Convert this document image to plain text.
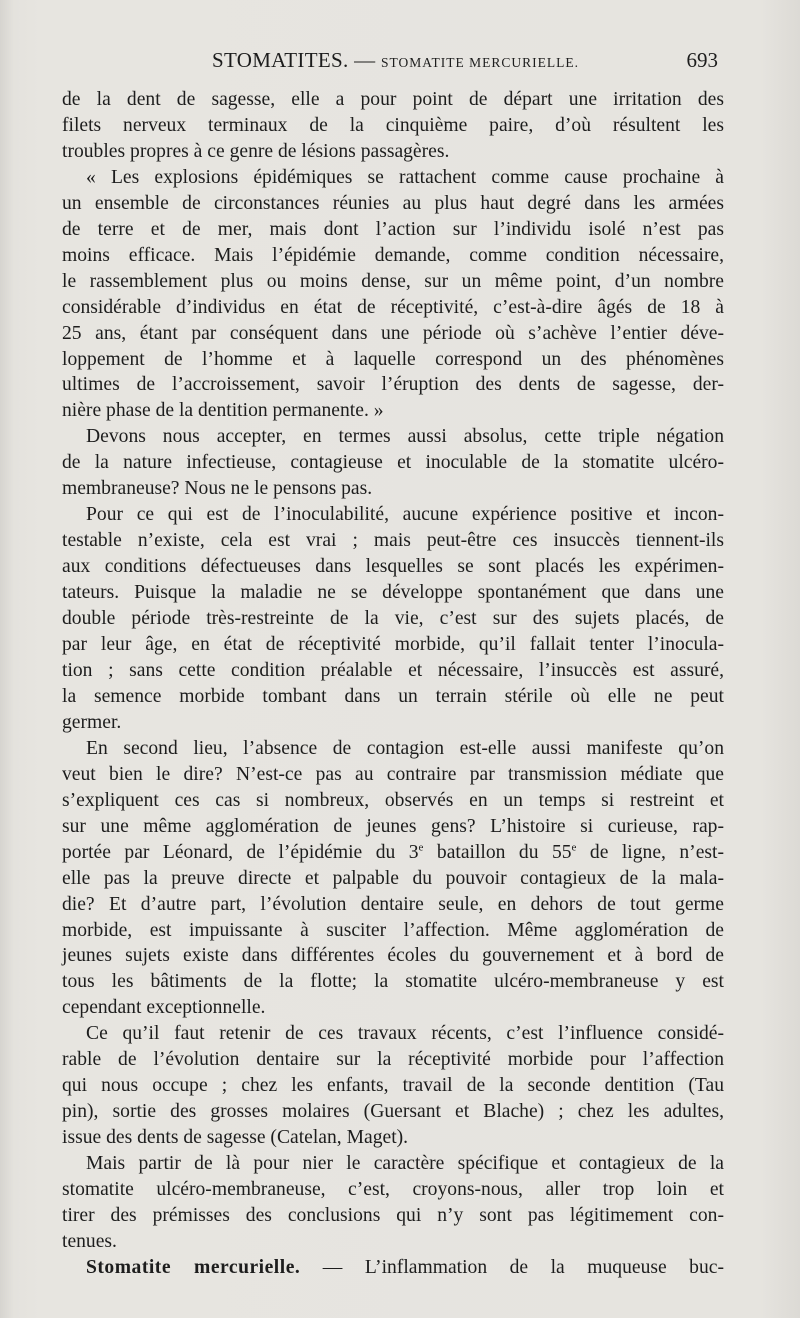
STOMATITES. — STOMATITE MERCURIELLE.	693

de la dent de sagesse, elle a pour point de départ une irritation des

filets nerveux terminaux de la cinquième paire, d’où résultent les

troubles propres à ce genre de lésions passagères.

« Les explosions épidémiques se rattachent comme cause prochaine à

un ensemble de circonstances réunies au plus haut degré dans les armées

de terre et de mer, mais dont l’action sur l’individu isolé n’est pas

moins efficace. Mais l’épidémie demande, comme condition nécessaire,

le rassemblement plus ou moins dense, sur un même point, d’un nombre

considérable d’individus en état de réceptivité, c’est-à-dire âgés de 18 à

25 ans, étant par conséquent dans une période où s’achève l’entier déve-

loppement de l’homme et à laquelle correspond un des phénomènes

ultimes de l’accroissement, savoir l’éruption des dents de sagesse, der-

nière phase de la dentition permanente. »

Devons nous accepter, en termes aussi absolus, cette triple négation

de la nature infectieuse, contagieuse et inoculable de la stomatite ulcéro-

membraneuse? Nous ne le pensons pas.

Pour ce qui est de l’inoculabilité, aucune expérience positive et incon-

testable n’existe, cela est vrai ; mais peut-être ces insuccès tiennent-ils

aux conditions défectueuses dans lesquelles se sont placés les expérimen-

tateurs. Puisque la maladie ne se développe spontanément que dans une

double période très-restreinte de la vie, c’est sur des sujets placés, de

par leur âge, en état de réceptivité morbide, qu’il fallait tenter l’inocula-

tion ; sans cette condition préalable et nécessaire, l’insuccès est assuré,

la semence morbide tombant dans un terrain stérile où elle ne peut

germer.

En second lieu, l’absence de contagion est-elle aussi manifeste qu’on

veut bien le dire? N’est-ce pas au contraire par transmission médiate que

s’expliquent ces cas si nombreux, observés en un temps si restreint et

sur une même agglomération de jeunes gens? L’histoire si curieuse, rap-

portée par Léonard, de l’épidémie du 3e bataillon du 55e de ligne, n’est-

elle pas la preuve directe et palpable du pouvoir contagieux de la mala-

die? Et d’autre part, l’évolution dentaire seule, en dehors de tout germe

morbide, est impuissante à susciter l’affection. Même agglomération de

jeunes sujets existe dans différentes écoles du gouvernement et à bord de

tous les bâtiments de la flotte; la stomatite ulcéro-membraneuse y est

cependant exceptionnelle.

Ce qu’il faut retenir de ces travaux récents, c’est l’influence considé-

rable de l’évolution dentaire sur la réceptivité morbide pour l’affection

qui nous occupe ; chez les enfants, travail de la seconde dentition (Tau

pin), sortie des grosses molaires (Guersant et Blache) ; chez les adultes,

issue des dents de sagesse (Catelan, Maget).

Mais partir de là pour nier le caractère spécifique et contagieux de la

stomatite ulcéro-membraneuse, c’est, croyons-nous, aller trop loin et

tirer des prémisses des conclusions qui n’y sont pas légitimement con-

tenues.

Stomatite mercurielle. — L’inflammation de la muqueuse buc-
